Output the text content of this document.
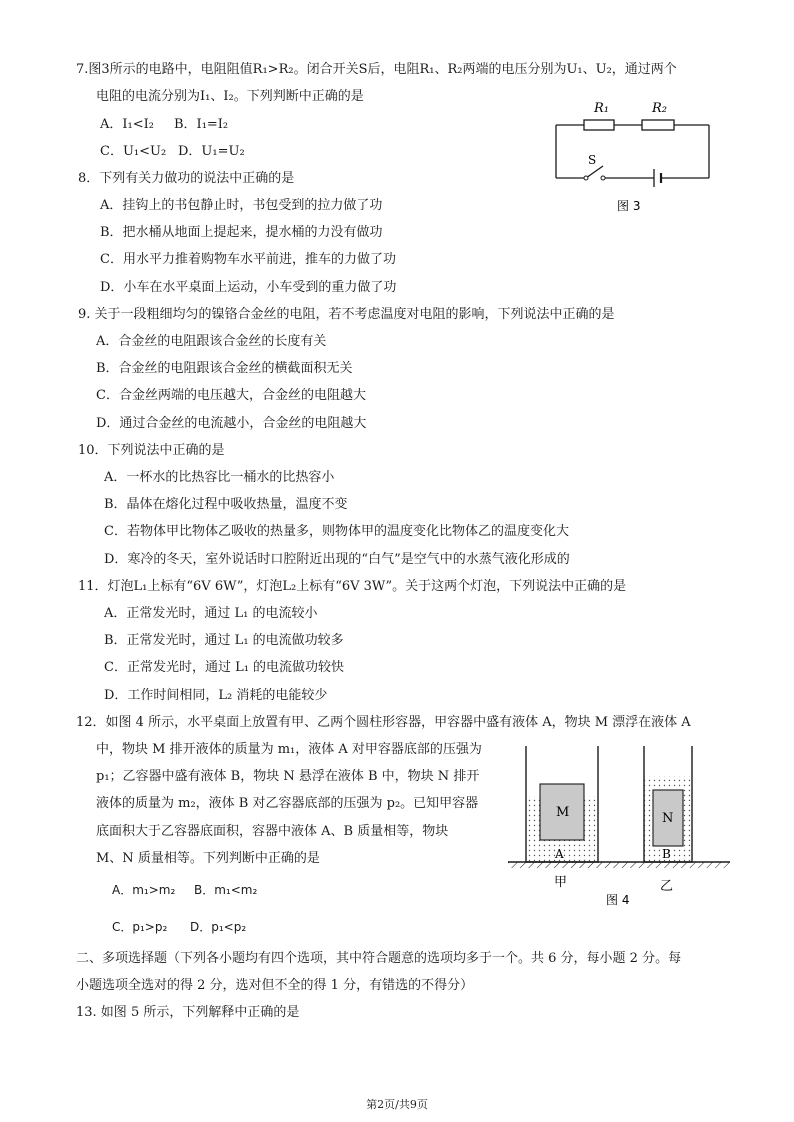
7.图3所示的电路中，电阻阻值R₁>R₂。闭合开关S后，电阻R₁、R₂两端的电压分别为U₁、U₂，通过两个
电阻的电流分别为I₁、I₂。下列判断中正确的是
A．I₁<I₂ B．I₁=I₂
C．U₁<U₂ D．U₁=U₂
R₁	R₂
S
图 3
8．下列有关力做功的说法中正确的是
A．挂钩上的书包静止时，书包受到的拉力做了功
B．把水桶从地面上提起来，提水桶的力没有做功
C．用水平力推着购物车水平前进，推车的力做了功
D．小车在水平桌面上运动，小车受到的重力做了功
9. 关于一段粗细均匀的镍铬合金丝的电阻，若不考虑温度对电阻的影响，下列说法中正确的是
A．合金丝的电阻跟该合金丝的长度有关
B．合金丝的电阻跟该合金丝的横截面积无关
C．合金丝两端的电压越大，合金丝的电阻越大
D．通过合金丝的电流越小，合金丝的电阻越大
10．下列说法中正确的是
A．一杯水的比热容比一桶水的比热容小
B．晶体在熔化过程中吸收热量，温度不变
C．若物体甲比物体乙吸收的热量多，则物体甲的温度变化比物体乙的温度变化大
D．寒冷的冬天，室外说话时口腔附近出现的“白气”是空气中的水蒸气液化形成的
11．灯泡L₁上标有“6V 6W”，灯泡L₂上标有“6V 3W”。关于这两个灯泡，下列说法中正确的是
A．正常发光时，通过 L₁ 的电流较小
B．正常发光时，通过 L₁ 的电流做功较多
C．正常发光时，通过 L₁ 的电流做功较快
D．工作时间相同，L₂ 消耗的电能较少
12．如图 4 所示，水平桌面上放置有甲、乙两个圆柱形容器，甲容器中盛有液体 A，物块 M 漂浮在液体 A
中，物块 M 排开液体的质量为 m₁，液体 A 对甲容器底部的压强为
p₁；乙容器中盛有液体 B，物块 N 悬浮在液体 B 中，物块 N 排开
液体的质量为 m₂，液体 B 对乙容器底部的压强为 p₂。已知甲容器
底面积大于乙容器底面积，容器中液体 A、B 质量相等，物块
M、N 质量相等。下列判断中正确的是
A．m₁>m₂ B．m₁<m₂
C．p₁>p₂ D．p₁<p₂
M	N
A	B
甲	乙
图 4
二、多项选择题（下列各小题均有四个选项，其中符合题意的选项均多于一个。共 6 分，每小题 2 分。每
小题选项全选对的得 2 分，选对但不全的得 1 分，有错选的不得分）
13. 如图 5 所示，下列解释中正确的是
第2页/共9页
